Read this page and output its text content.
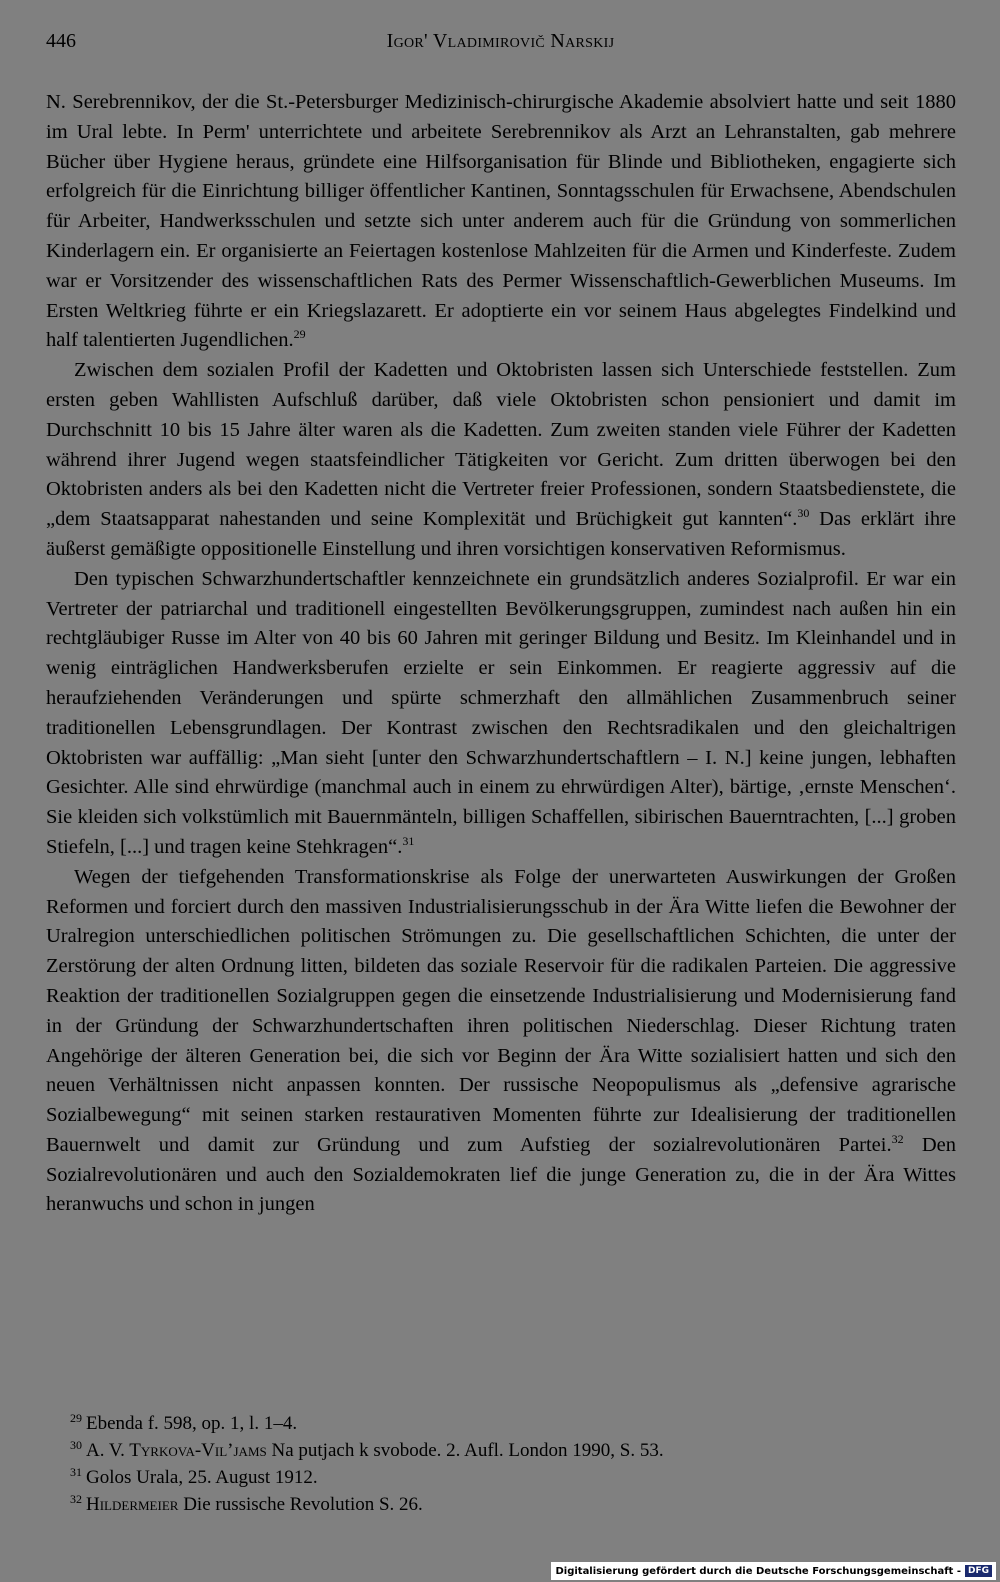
446	Igor' Vladimirovič Narskij

N. Serebrennikov, der die St.-Petersburger Medizinisch-chirurgische Akademie absolviert hatte und seit 1880 im Ural lebte. In Perm' unterrichtete und arbeitete Serebrennikov als Arzt an Lehranstalten, gab mehrere Bücher über Hygiene heraus, gründete eine Hilfsorganisation für Blinde und Bibliotheken, engagierte sich erfolgreich für die Einrichtung billiger öffentlicher Kantinen, Sonntagsschulen für Erwachsene, Abendschulen für Arbeiter, Handwerksschulen und setzte sich unter anderem auch für die Gründung von sommerlichen Kinderlagern ein. Er organisierte an Feiertagen kostenlose Mahlzeiten für die Armen und Kinderfeste. Zudem war er Vorsitzender des wissenschaftlichen Rats des Permer Wissenschaftlich-Gewerblichen Museums. Im Ersten Weltkrieg führte er ein Kriegslazarett. Er adoptierte ein vor seinem Haus abgelegtes Findelkind und half talentierten Jugendlichen.$^{29}$

Zwischen dem sozialen Profil der Kadetten und Oktobristen lassen sich Unterschiede feststellen. Zum ersten geben Wahllisten Aufschluß darüber, daß viele Oktobristen schon pensioniert und damit im Durchschnitt 10 bis 15 Jahre älter waren als die Kadetten. Zum zweiten standen viele Führer der Kadetten während ihrer Jugend wegen staatsfeindlicher Tätigkeiten vor Gericht. Zum dritten überwogen bei den Oktobristen anders als bei den Kadetten nicht die Vertreter freier Professionen, sondern Staatsbedienstete, die „dem Staatsapparat nahestanden und seine Komplexität und Brüchigkeit gut kannten“.$^{30}$ Das erklärt ihre äußerst gemäßigte oppositionelle Einstellung und ihren vorsichtigen konservativen Reformismus.

Den typischen Schwarzhundertschaftler kennzeichnete ein grundsätzlich anderes Sozialprofil. Er war ein Vertreter der patriarchal und traditionell eingestellten Bevölkerungsgruppen, zumindest nach außen hin ein rechtgläubiger Russe im Alter von 40 bis 60 Jahren mit geringer Bildung und Besitz. Im Kleinhandel und in wenig einträglichen Handwerksberufen erzielte er sein Einkommen. Er reagierte aggressiv auf die heraufziehenden Veränderungen und spürte schmerzhaft den allmählichen Zusammenbruch seiner traditionellen Lebensgrundlagen. Der Kontrast zwischen den Rechtsradikalen und den gleichaltrigen Oktobristen war auffällig: „Man sieht [unter den Schwarzhundertschaftlern – I. N.] keine jungen, lebhaften Gesichter. Alle sind ehrwürdige (manchmal auch in einem zu ehrwürdigen Alter), bärtige, ‚ernste Menschen‘. Sie kleiden sich volkstümlich mit Bauernmänteln, billigen Schaffellen, sibirischen Bauerntrachten, [...] groben Stiefeln, [...] und tragen keine Stehkragen“.$^{31}$

Wegen der tiefgehenden Transformationskrise als Folge der unerwarteten Auswirkungen der Großen Reformen und forciert durch den massiven Industrialisierungsschub in der Ära Witte liefen die Bewohner der Uralregion unterschiedlichen politischen Strömungen zu. Die gesellschaftlichen Schichten, die unter der Zerstörung der alten Ordnung litten, bildeten das soziale Reservoir für die radikalen Parteien. Die aggressive Reaktion der traditionellen Sozialgruppen gegen die einsetzende Industrialisierung und Modernisierung fand in der Gründung der Schwarzhundertschaften ihren politischen Niederschlag. Dieser Richtung traten Angehörige der älteren Generation bei, die sich vor Beginn der Ära Witte sozialisiert hatten und sich den neuen Verhältnissen nicht anpassen konnten. Der russische Neopopulismus als „defensive agrarische Sozialbewegung“ mit seinen starken restaurativen Momenten führte zur Idealisierung der traditionellen Bauernwelt und damit zur Gründung und zum Aufstieg der sozialrevolutionären Partei.$^{32}$ Den Sozialrevolutionären und auch den Sozialdemokraten lief die junge Generation zu, die in der Ära Wittes heranwuchs und schon in jungen

$^{29}$ Ebenda f. 598, op. 1, l. 1–4.
$^{30}$ A. V. Tyrkova-Vil’jams Na putjach k svobode. 2. Aufl. London 1990, S. 53.
$^{31}$ Golos Urala, 25. August 1912.
$^{32}$ Hildermeier Die russische Revolution S. 26.
Digitalisierung gefördert durch die Deutsche Forschungsgemeinschaft - DFG
